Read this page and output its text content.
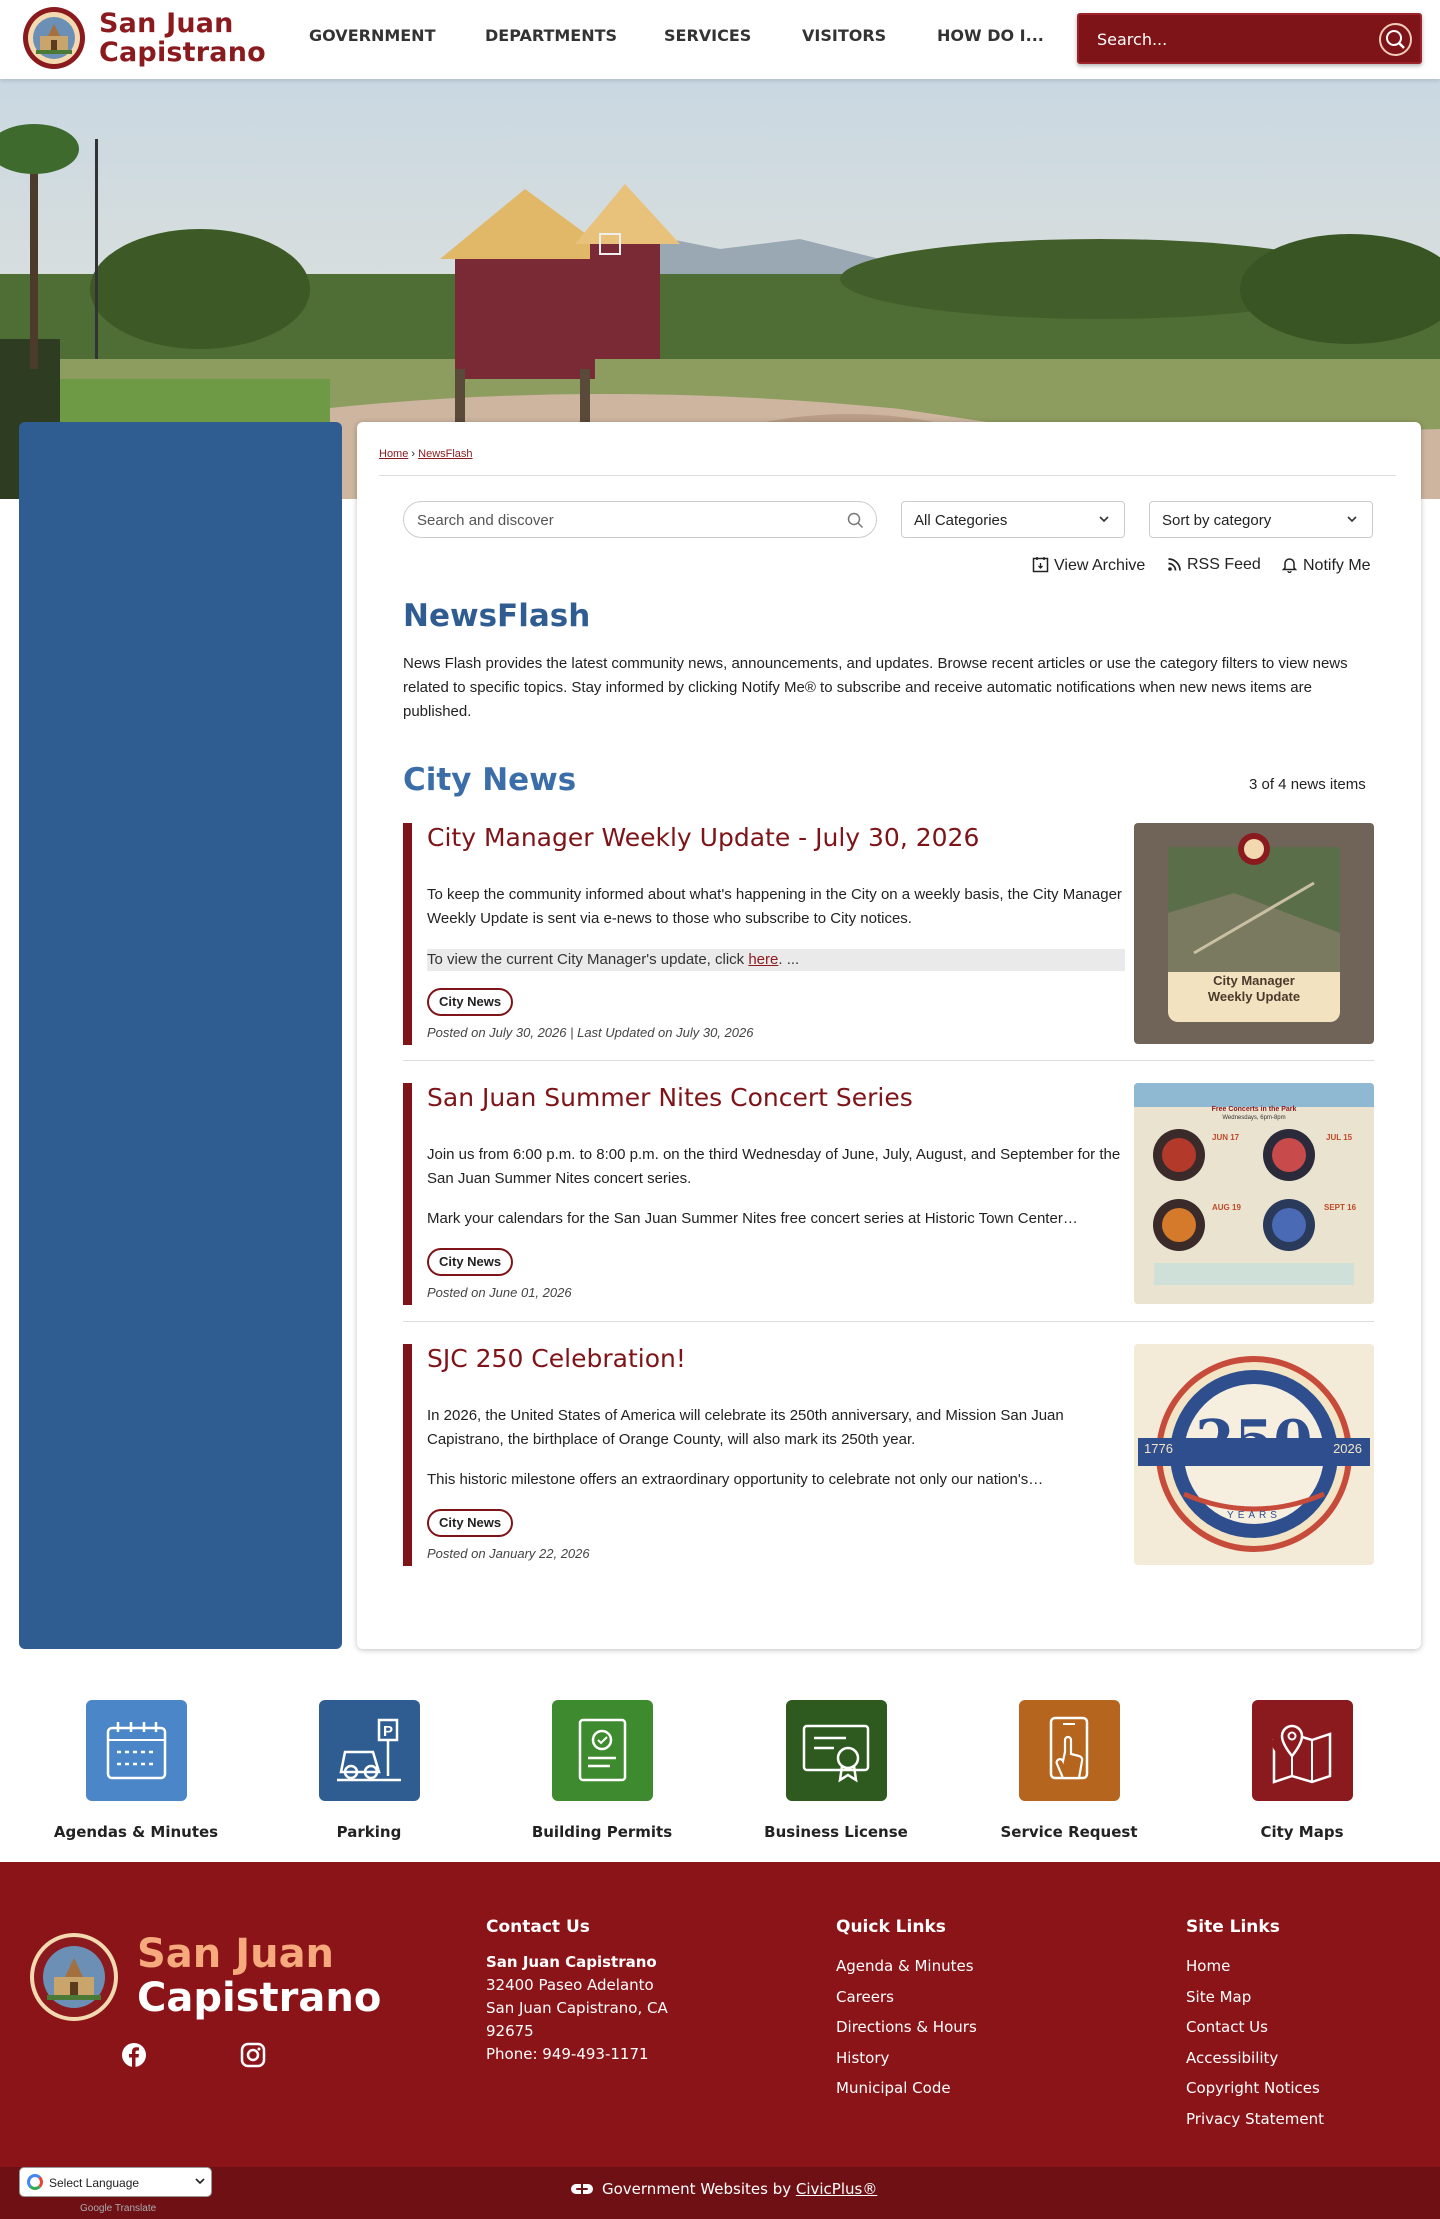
San Juan
Capistrano
GOVERNMENT	DEPARTMENTS	SERVICES	VISITORS	HOW DO I...	Search...
Home › NewsFlash
Search and discover	All Categories	Sort by category
View Archive	RSS Feed	Notify Me
NewsFlash

News Flash provides the latest community news, announcements, and updates. Browse recent articles or use the category filters to view news related to specific topics. Stay informed by clicking Notify Me® to subscribe and receive automatic notifications when new news items are published.

City News	3 of 4 news items
City Manager Weekly Update - July 30, 2026

To keep the community informed about what's happening in the City on a weekly basis, the City Manager Weekly Update is sent via e-news to those who subscribe to City notices.

To view the current City Manager's update, click here. ...
City News
Posted on July 30, 2026 | Last Updated on July 30, 2026
City Manager
Weekly Update
San Juan Summer Nites Concert Series

Join us from 6:00 p.m. to 8:00 p.m. on the third Wednesday of June, July, August, and September for the San Juan Summer Nites concert series.

Mark your calendars for the San Juan Summer Nites free concert series at Historic Town Center…

City News
Posted on June 01, 2026
Free Concerts in the Park
Wednesdays, 6pm-8pm
JUN 17	JUL 15
AUG 19	SEPT 16
SJC 250 Celebration!

In 2026, the United States of America will celebrate its 250th anniversary, and Mission San Juan Capistrano, the birthplace of Orange County, will also mark its 250th year.

This historic milestone offers an extraordinary opportunity to celebrate not only our nation's…

City News
Posted on January 22, 2026
1776	2026
250
YEARS
Agendas & Minutes
P
Parking	Building Permits	Business License	Service Request	City Maps
San Juan
Capistrano
Contact Us
San Juan Capistrano
32400 Paseo Adelanto
San Juan Capistrano, CA
92675
Phone: 949-493-1171
Quick Links
Agenda & Minutes
Careers
Directions & Hours
History
Municipal Code
Site Links
Home
Site Map
Contact Us
Accessibility
Copyright Notices
Privacy Statement
Select Language
Google Translate
Government Websites by CivicPlus®
